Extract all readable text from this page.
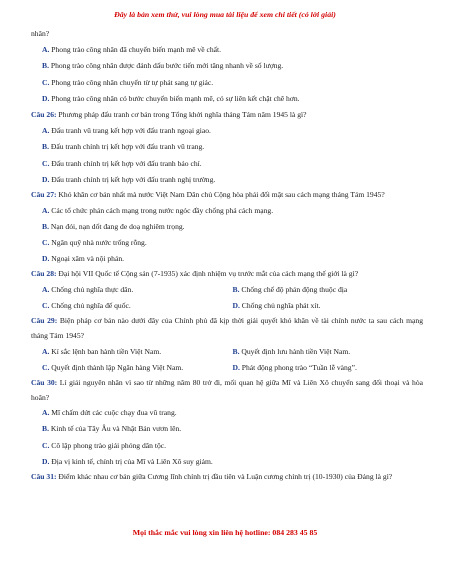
Đây là bản xem thử, vui lòng mua tài liệu để xem chi tiết (có lời giải)
nhân?
A. Phong trào công nhân đã chuyển biến mạnh mẽ về chất.
B. Phong trào công nhân được đánh dấu bước tiến mới tăng nhanh về số lượng.
C. Phong trào công nhân chuyển từ tự phát sang tự giác.
D. Phong trào công nhân có bước chuyển biến mạnh mẽ, có sự liên kết chặt chẽ hơn.
Câu 26: Phương pháp đấu tranh cơ bản trong Tổng khởi nghĩa tháng Tám năm 1945 là gì?
A. Đấu tranh vũ trang kết hợp với đấu tranh ngoại giao.
B. Đấu tranh chính trị kết hợp với đấu tranh vũ trang.
C. Đấu tranh chính trị kết hợp với đấu tranh báo chí.
D. Đấu tranh chính trị kết hợp với đấu tranh nghị trường.
Câu 27: Khó khăn cơ bản nhất mà nước Việt Nam Dân chủ Cộng hòa phải đối mặt sau cách mạng tháng Tám 1945?
A. Các tổ chức phản cách mạng trong nước ngóc đầy chống phá cách mạng.
B. Nạn đói, nạn dốt đang đe doạ nghiêm trọng.
C. Ngân quỹ nhà nước trống rỗng.
D. Ngoại xâm và nội phản.
Câu 28: Đại hội VII Quốc tế Cộng sản (7-1935) xác định nhiệm vụ trước mắt của cách mạng thế giới là gì?
A. Chống chủ nghĩa thực dân.	B. Chống chế độ phản động thuộc địa
C. Chống chủ nghĩa đế quốc.	D. Chống chủ nghĩa phát xít.
Câu 29: Biện pháp cơ bản nào dưới đây của Chính phủ đã kịp thời giải quyết khó khăn về tài chính nước ta sau cách mạng tháng Tám 1945?
A. Kí sắc lệnh ban hành tiền Việt Nam.	B. Quyết định lưu hành tiền Việt Nam.
C. Quyết định thành lập Ngân hàng Việt Nam.	D. Phát động phong trào “Tuần lễ vàng”.
Câu 30: Lí giải nguyên nhân vì sao từ những năm 80 trở đi, mối quan hệ giữa Mĩ và Liên Xô chuyển sang đối thoại và hòa hoãn?
A. Mĩ chấm dứt các cuộc chạy đua vũ trang.
B. Kinh tế của Tây Âu và Nhật Bản vươn lên.
C. Cô lập phong trào giải phóng dân tộc.
D. Địa vị kinh tế, chính trị của Mĩ và Liên Xô suy giảm.
Câu 31: Điểm khác nhau cơ bản giữa Cương lĩnh chính trị đầu tiên và Luận cương chính trị (10-1930) của Đảng là gì?
Mọi thắc mắc vui lòng xin liên hệ hotline: 084 283 45 85
